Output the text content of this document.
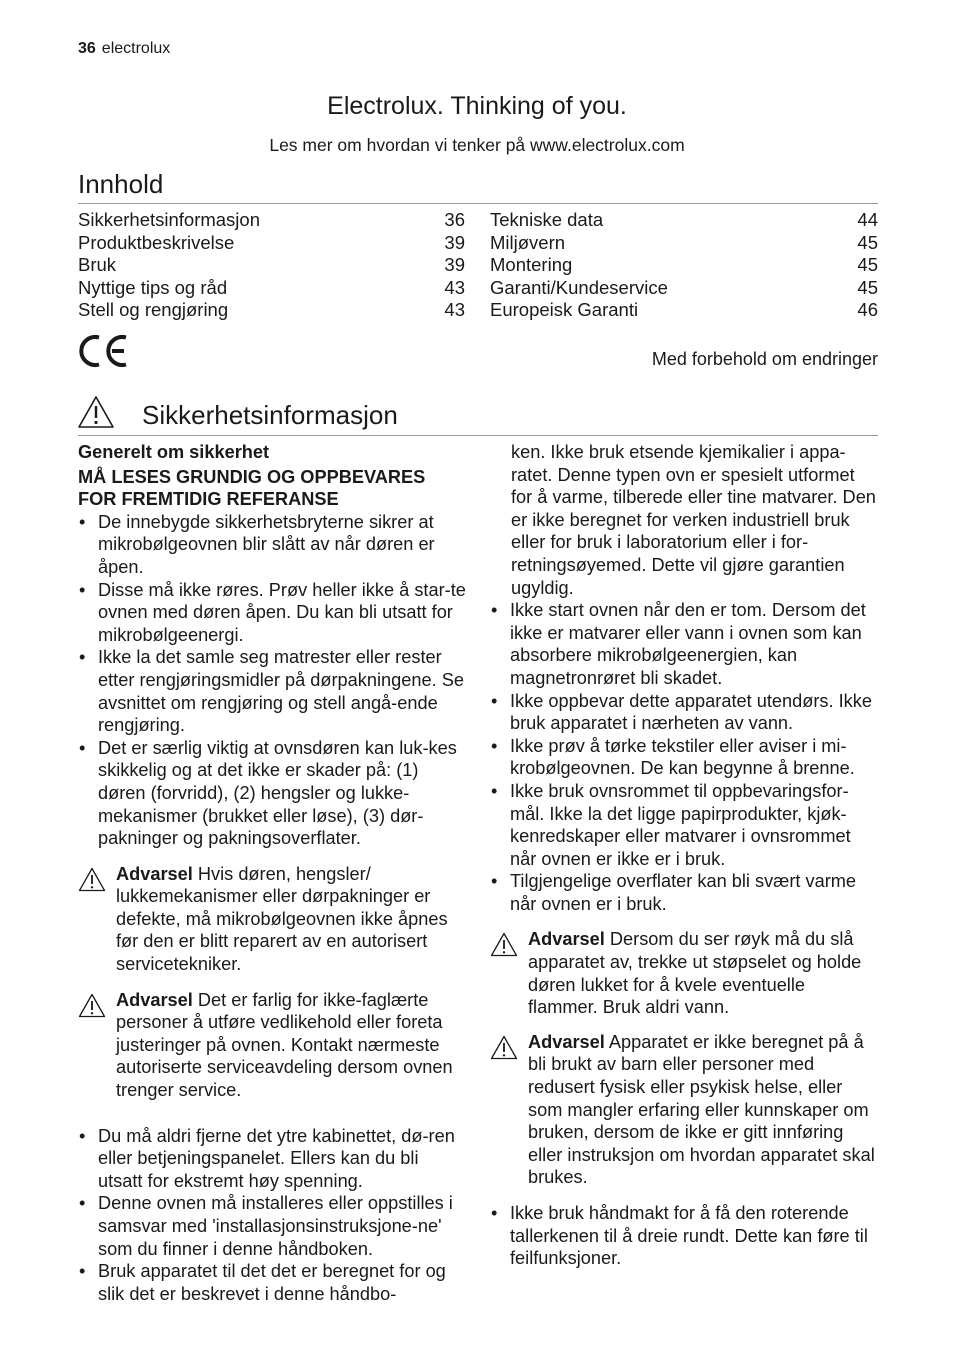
36 electrolux
Electrolux. Thinking of you.
Les mer om hvordan vi tenker på www.electrolux.com
Innhold
Sikkerhetsinformasjon	36
Produktbeskrivelse	39
Bruk	39
Nyttige tips og råd	43
Stell og rengjøring	43
Tekniske data	44
Miljøvern	45
Montering	45
Garanti/Kundeservice	45
Europeisk Garanti	46
Med forbehold om endringer
Sikkerhetsinformasjon
Generelt om sikkerhet
MÅ LESES GRUNDIG OG OPPBEVARES FOR FREMTIDIG REFERANSE
• De innebygde sikkerhetsbryterne sikrer at mikrobølgeovnen blir slått av når døren er åpen.
• Disse må ikke røres. Prøv heller ikke å star-te ovnen med døren åpen. Du kan bli utsatt for mikrobølgeenergi.
• Ikke la det samle seg matrester eller rester etter rengjøringsmidler på dørpakningene. Se avsnittet om rengjøring og stell angå-ende rengjøring.
• Det er særlig viktig at ovnsdøren kan luk-kes skikkelig og at det ikke er skader på: (1) døren (forvridd), (2) hengsler og lukke-mekanismer (brukket eller løse), (3) dør-pakninger og pakningsoverflater.
Advarsel Hvis døren, hengsler/ lukkemekanismer eller dørpakninger er defekte, må mikrobølgeovnen ikke åpnes før den er blitt reparert av en autorisert servicetekniker.
Advarsel Det er farlig for ikke-faglærte personer å utføre vedlikehold eller foreta justeringer på ovnen. Kontakt nærmeste autoriserte serviceavdeling dersom ovnen trenger service.
• Du må aldri fjerne det ytre kabinettet, dø-ren eller betjeningspanelet. Ellers kan du bli utsatt for ekstremt høy spenning.
• Denne ovnen må installeres eller oppstilles i samsvar med 'installasjonsinstruksjone-ne' som du finner i denne håndboken.
• Bruk apparatet til det det er beregnet for og slik det er beskrevet i denne håndbo-
ken. Ikke bruk etsende kjemikalier i appa-ratet. Denne typen ovn er spesielt utformet for å varme, tilberede eller tine matvarer. Den er ikke beregnet for verken industriell bruk eller for bruk i laboratorium eller i for-retningsøyemed. Dette vil gjøre garantien ugyldig.
• Ikke start ovnen når den er tom. Dersom det ikke er matvarer eller vann i ovnen som kan absorbere mikrobølgeenergien, kan magnetronrøret bli skadet.
• Ikke oppbevar dette apparatet utendørs. Ikke bruk apparatet i nærheten av vann.
• Ikke prøv å tørke tekstiler eller aviser i mi-krobølgeovnen. De kan begynne å brenne.
• Ikke bruk ovnsrommet til oppbevaringsfor-mål. Ikke la det ligge papirprodukter, kjøk-kenredskaper eller matvarer i ovnsrommet når ovnen er ikke er i bruk.
• Tilgjengelige overflater kan bli svært varme når ovnen er i bruk.
Advarsel Dersom du ser røyk må du slå apparatet av, trekke ut støpselet og holde døren lukket for å kvele eventuelle flammer. Bruk aldri vann.
Advarsel Apparatet er ikke beregnet på å bli brukt av barn eller personer med redusert fysisk eller psykisk helse, eller som mangler erfaring eller kunnskaper om bruken, dersom de ikke er gitt innføring eller instruksjon om hvordan apparatet skal brukes.
• Ikke bruk håndmakt for å få den roterende tallerkenen til å dreie rundt. Dette kan føre til feilfunksjoner.
